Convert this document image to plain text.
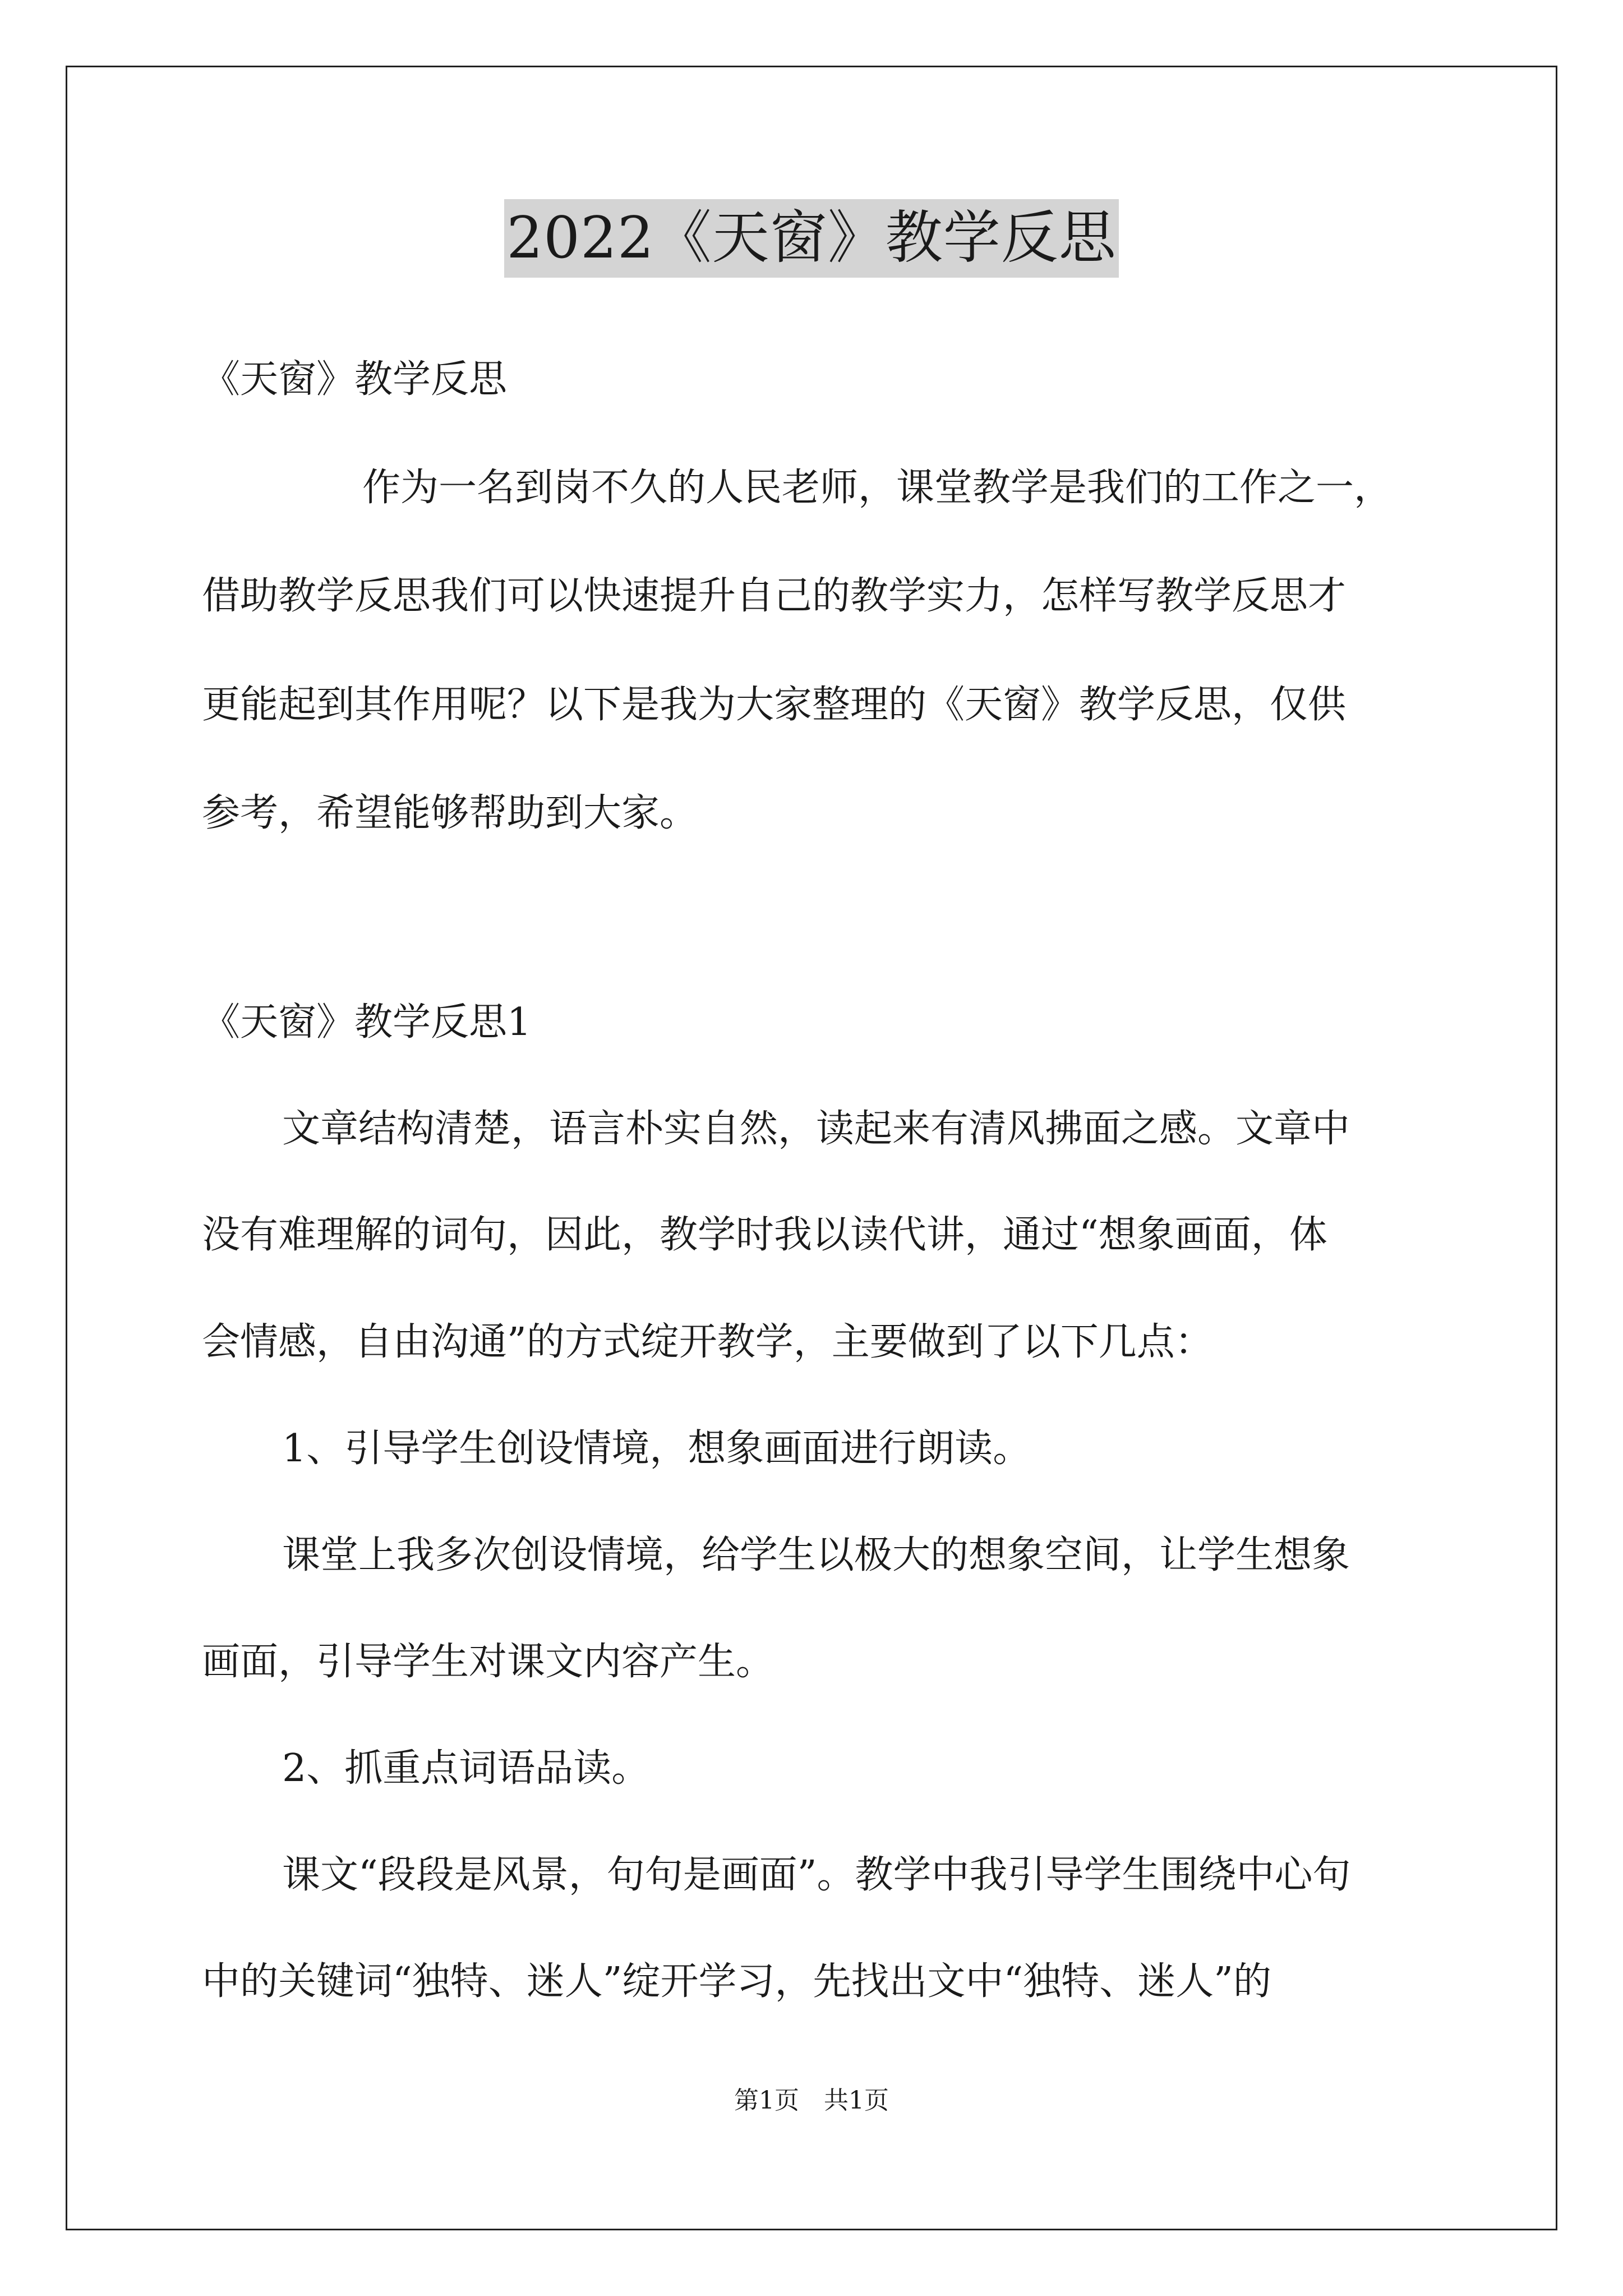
2022《天窗》教学反思
《天窗》教学反思
作为一名到岗不久的人民老师，课堂教学是我们的工作之一，
借助教学反思我们可以快速提升自己的教学实力，怎样写教学反思才
更能起到其作用呢？以下是我为大家整理的《天窗》教学反思，仅供
参考，希望能够帮助到大家。
《天窗》教学反思1
文章结构清楚，语言朴实自然，读起来有清风拂面之感。文章中
没有难理解的词句，因此，教学时我以读代讲，通过“想象画面，体
会情感，自由沟通”的方式绽开教学，主要做到了以下几点：
1、引导学生创设情境，想象画面进行朗读。
课堂上我多次创设情境，给学生以极大的想象空间，让学生想象
画面，引导学生对课文内容产生。
2、抓重点词语品读。
课文“段段是风景，句句是画面”。教学中我引导学生围绕中心句
中的关键词“独特、迷人”绽开学习，先找出文中“独特、迷人”的
第1页　共1页
